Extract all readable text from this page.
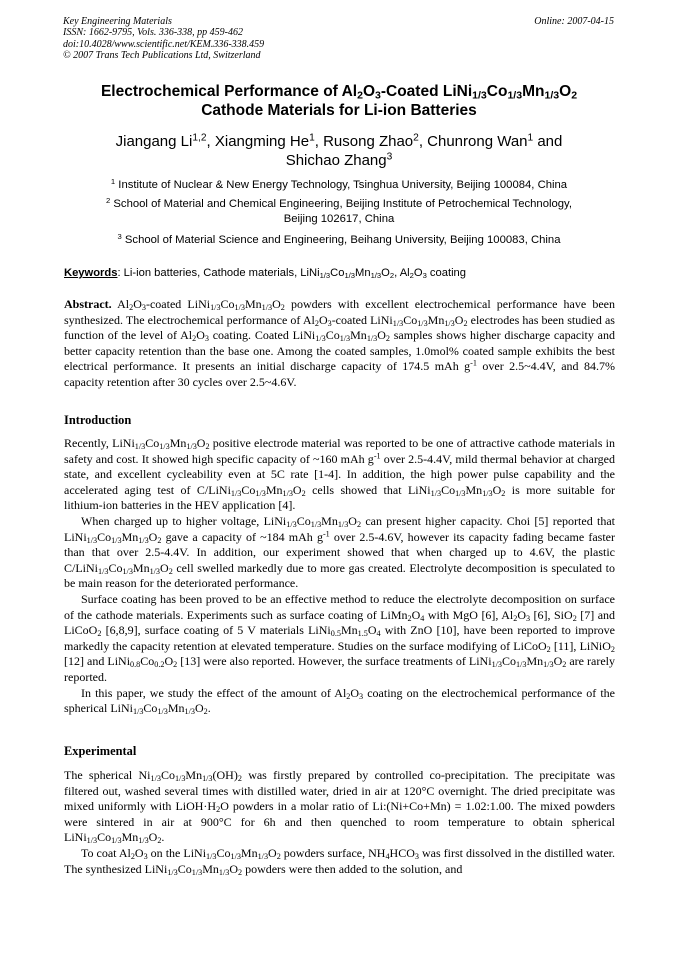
Key Engineering Materials
ISSN: 1662-9795, Vols. 336-338, pp 459-462
doi:10.4028/www.scientific.net/KEM.336-338.459
© 2007 Trans Tech Publications Ltd, Switzerland
Online: 2007-04-15
Electrochemical Performance of $Al_2O_3$-Coated $LiNi_{1/3}Co_{1/3}Mn_{1/3}O_2$
Cathode Materials for Li-ion Batteries
Jiangang Li$^{1,2}$, Xiangming He$^1$, Rusong Zhao$^2$, Chunrong Wan$^1$ and
Shichao Zhang$^3$
$^1$ Institute of Nuclear & New Energy Technology, Tsinghua University, Beijing 100084, China
$^2$ School of Material and Chemical Engineering, Beijing Institute of Petrochemical Technology,
Beijing 102617, China
$^3$ School of Material Science and Engineering, Beihang University, Beijing 100083, China
Keywords: Li-ion batteries, Cathode materials, $LiNi_{1/3}Co_{1/3}Mn_{1/3}O_2$, $Al_2O_3$ coating

Abstract. $Al_2O_3$-coated $LiNi_{1/3}Co_{1/3}Mn_{1/3}O_2$ powders with excellent electrochemical performance have been synthesized. The electrochemical performance of $Al_2O_3$-coated $LiNi_{1/3}Co_{1/3}Mn_{1/3}O_2$ electrodes has been studied as function of the level of $Al_2O_3$ coating. Coated $LiNi_{1/3}Co_{1/3}Mn_{1/3}O_2$ samples shows higher discharge capacity and better capacity retention than the base one. Among the coated samples, 1.0mol% coated sample exhibits the best electrical performance. It presents an initial discharge capacity of 174.5 mAh $g^{-1}$ over 2.5~4.4V, and 84.7% capacity retention after 30 cycles over 2.5~4.6V.

Introduction

Recently, $LiNi_{1/3}Co_{1/3}Mn_{1/3}O_2$ positive electrode material was reported to be one of attractive cathode materials in safety and cost. It showed high specific capacity of ~160 mAh $g^{-1}$ over 2.5-4.4V, mild thermal behavior at charged state, and excellent cycleability even at 5C rate [1-4]. In addition, the high power pulse capability and the accelerated aging test of $C/LiNi_{1/3}Co_{1/3}Mn_{1/3}O_2$ cells showed that $LiNi_{1/3}Co_{1/3}Mn_{1/3}O_2$ is more suitable for lithium-ion batteries in the HEV application [4].

When charged up to higher voltage, $LiNi_{1/3}Co_{1/3}Mn_{1/3}O_2$ can present higher capacity. Choi [5] reported that $LiNi_{1/3}Co_{1/3}Mn_{1/3}O_2$ gave a capacity of ~184 mAh $g^{-1}$ over 2.5-4.6V, however its capacity fading became faster than that over 2.5-4.4V. In addition, our experiment showed that when charged up to 4.6V, the plastic $C/LiNi_{1/3}Co_{1/3}Mn_{1/3}O_2$ cell swelled markedly due to more gas created. Electrolyte decomposition is speculated to be main reason for the deteriorated performance.

Surface coating has been proved to be an effective method to reduce the electrolyte decomposition on surface of the cathode materials. Experiments such as surface coating of $LiMn_2O_4$ with MgO [6], $Al_2O_3$ [6], SiO$_2$ [7] and LiCoO$_2$ [6,8,9], surface coating of 5 V materials $LiNi_{0.5}Mn_{1.5}O_4$ with ZnO [10], have been reported to improve markedly the capacity retention at elevated temperature. Studies on the surface modifying of LiCoO$_2$ [11], LiNiO$_2$ [12] and $LiNi_{0.8}Co_{0.2}O_2$ [13] were also reported. However, the surface treatments of $LiNi_{1/3}Co_{1/3}Mn_{1/3}O_2$ are rarely reported.

In this paper, we study the effect of the amount of $Al_2O_3$ coating on the electrochemical performance of the spherical $LiNi_{1/3}Co_{1/3}Mn_{1/3}O_2$.

Experimental

The spherical $Ni_{1/3}Co_{1/3}Mn_{1/3}(OH)_2$ was firstly prepared by controlled co-precipitation. The precipitate was filtered out, washed several times with distilled water, dried in air at 120°C overnight. The dried precipitate was mixed uniformly with $LiOH\cdot H_2O$ powders in a molar ratio of Li:(Ni+Co+Mn) = 1.02:1.00. The mixed powders were sintered in air at 900°C for 6h and then quenched to room temperature to obtain spherical $LiNi_{1/3}Co_{1/3}Mn_{1/3}O_2$.

To coat $Al_2O_3$ on the $LiNi_{1/3}Co_{1/3}Mn_{1/3}O_2$ powders surface, $NH_4HCO_3$ was first dissolved in the distilled water. The synthesized $LiNi_{1/3}Co_{1/3}Mn_{1/3}O_2$ powders were then added to the solution, and
